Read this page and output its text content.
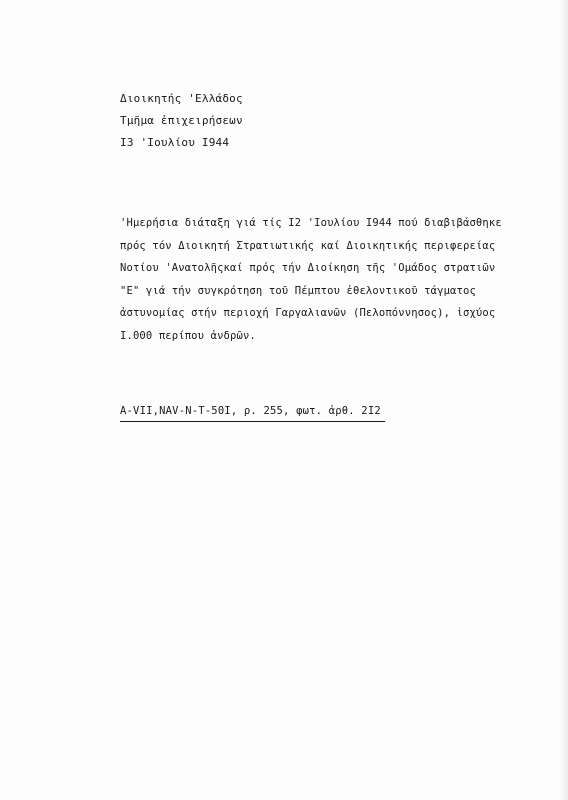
Διοικητής 'Ελλάδος
Τμῆμα ἐπιχειρήσεων
I3 'Ιουλίου I944
'Ημερήσια διάταξη γιά τίς I2 'Ιουλίου I944 πού διαβιβάσθηκε
πρός τόν Διοικητή Στρατιωτικής καί Διοικητικής περιφερείας
Νοτίου 'Ανατολῆςκαί πρός τήν Διοίκηση τῆς 'Ομάδος στρατιῶν
"Ε" γιά τήν συγκρότηση τοῦ Πέμπτου ἐθελοντικοῦ τάγματος
ἀστυνομίας στήν περιοχή Γαργαλιανῶν (Πελοπόννησος), ἰσχύος
I.000 περίπου ἀνδρῶν.
A-VII,NAV-N-T-50I, ρ. 255, φωτ. ἀρθ. 2I2
